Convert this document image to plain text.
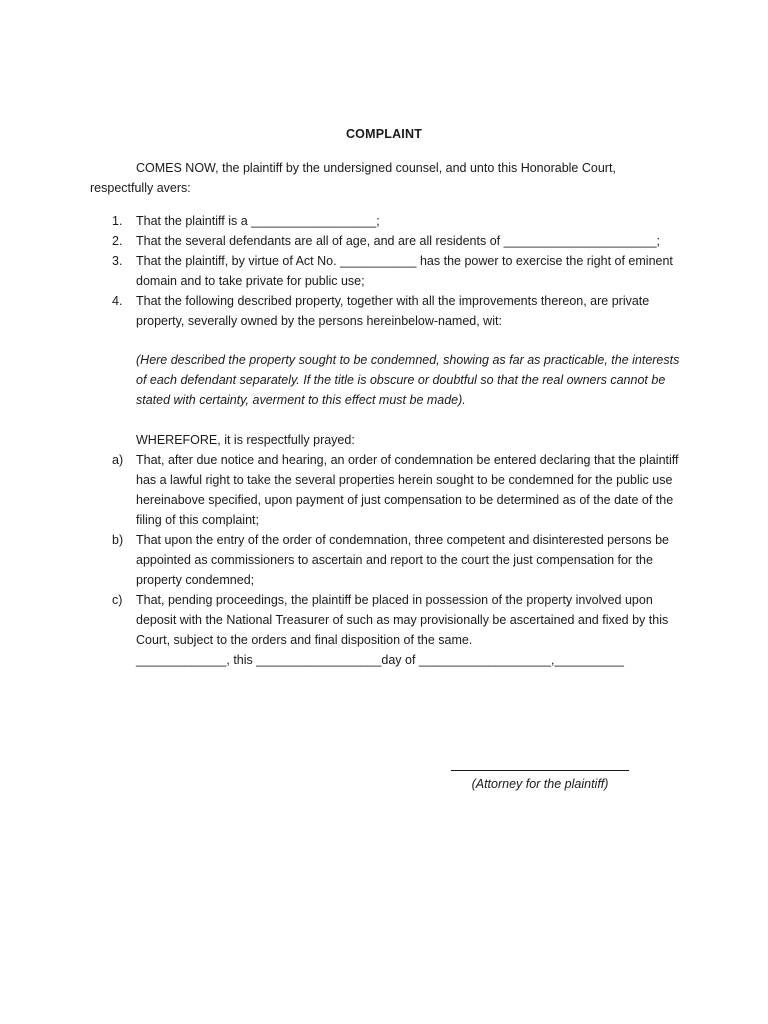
COMPLAINT
COMES NOW, the plaintiff by the undersigned counsel, and unto this Honorable Court, respectfully avers:
1.	That the plaintiff is a __________________;
2.	That the several defendants are all of age, and are all residents of ______________________;
3.	That the plaintiff, by virtue of Act No. ___________ has the power to exercise the right of eminent domain and to take private for public use;
4.	That the following described property, together with all the improvements thereon, are private property, severally owned by the persons hereinbelow-named, wit:
(Here described the property sought to be condemned, showing as far as practicable, the interests of each defendant separately. If the title is obscure or doubtful so that the real owners cannot be stated with certainty, averment to this effect must be made).
WHEREFORE, it is respectfully prayed:
a)	That, after due notice and hearing, an order of condemnation be entered declaring that the plaintiff has a lawful right to take the several properties herein sought to be condemned for the public use hereinabove specified, upon payment of just compensation to be determined as of the date of the filing of this complaint;
b)	That upon the entry of the order of condemnation, three competent and disinterested persons be appointed as commissioners to ascertain and report to the court the just compensation for the property condemned;
c)	That, pending proceedings, the plaintiff be placed in possession of the property involved upon deposit with the National Treasurer of such as may provisionally be ascertained and fixed by this Court, subject to the orders and final disposition of the same.
_____________, this __________________day of ___________________,__________
(Attorney for the plaintiff)
